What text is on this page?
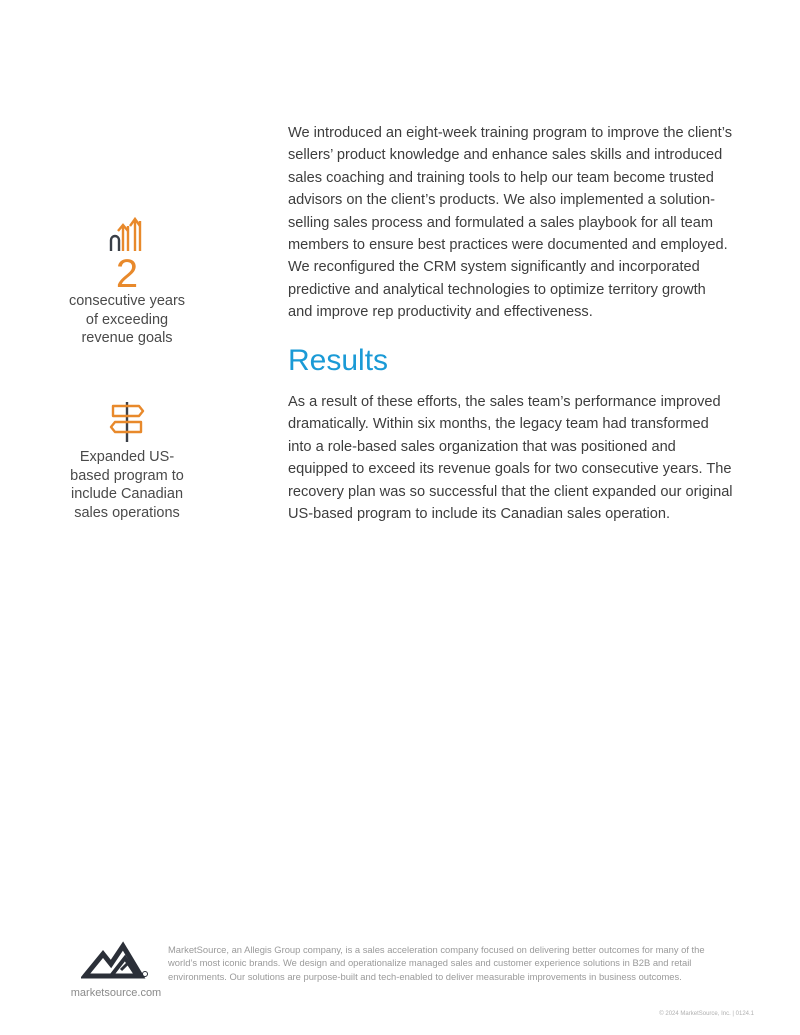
2
consecutive years of exceeding revenue goals
Expanded US-based program to include Canadian sales operations

We introduced an eight-week training program to improve the client’s sellers’ product knowledge and enhance sales skills and introduced sales coaching and training tools to help our team become trusted advisors on the client’s products. We also implemented a solution-selling sales process and formulated a sales playbook for all team members to ensure best practices were documented and employed. We reconfigured the CRM system significantly and incorporated predictive and analytical technologies to optimize territory growth and improve rep productivity and effectiveness.

Results

As a result of these efforts, the sales team’s performance improved dramatically. Within six months, the legacy team had transformed into a role-based sales organization that was positioned and equipped to exceed its revenue goals for two consecutive years. The recovery plan was so successful that the client expanded our original US-based program to include its Canadian sales operation.

marketsource.com

MarketSource, an Allegis Group company, is a sales acceleration company focused on delivering better outcomes for many of the world’s most iconic brands. We design and operationalize managed sales and customer experience solutions in B2B and retail environments. Our solutions are purpose-built and tech-enabled to deliver measurable improvements in business outcomes.

© 2024 MarketSource, Inc. | 0124.1
